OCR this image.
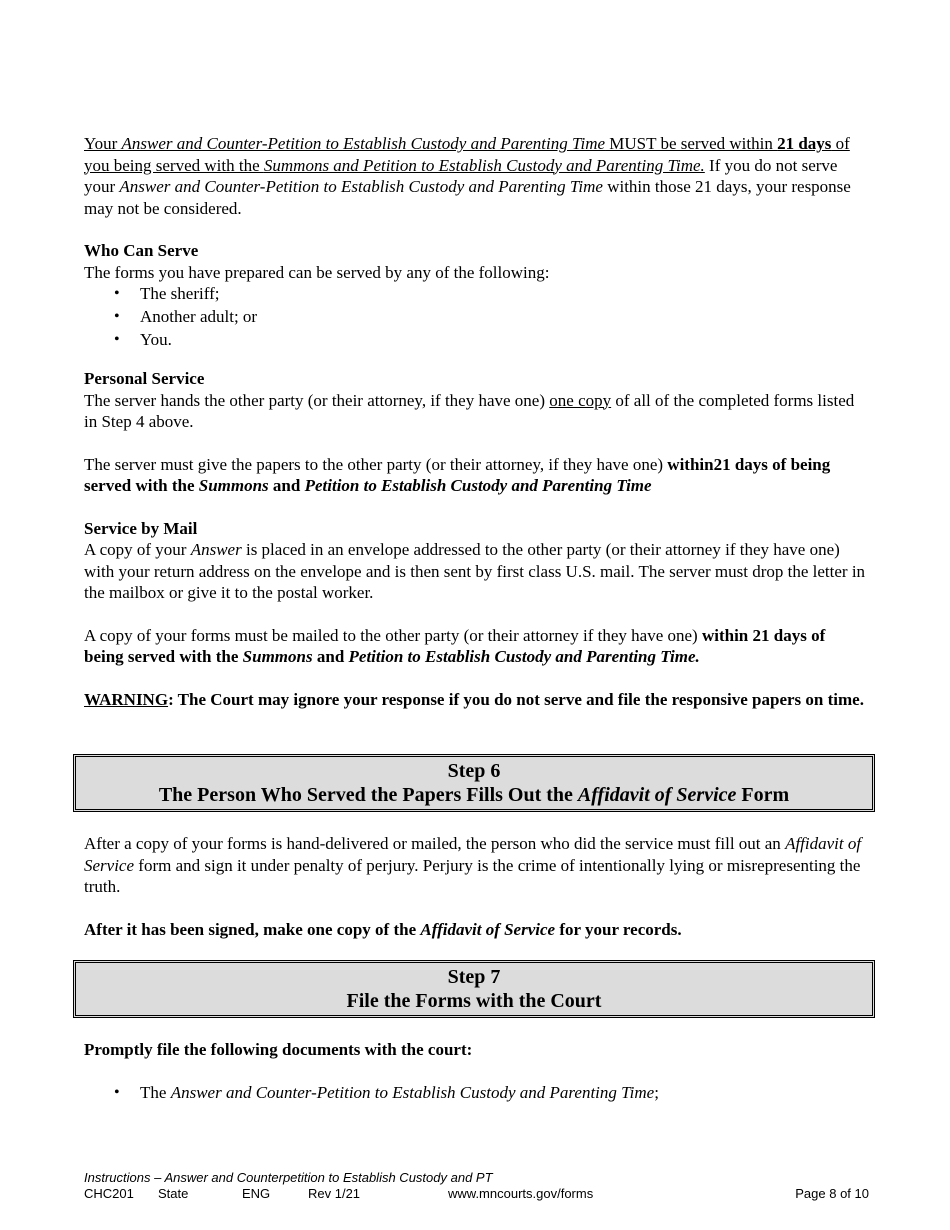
Your Answer and Counter-Petition to Establish Custody and Parenting Time MUST be served within 21 days of you being served with the Summons and Petition to Establish Custody and Parenting Time. If you do not serve your Answer and Counter-Petition to Establish Custody and Parenting Time within those 21 days, your response may not be considered.

Who Can Serve

The forms you have prepared can be served by any of the following:

• The sheriff;
• Another adult; or
• You.

Personal Service

The server hands the other party (or their attorney, if they have one) one copy of all of the completed forms listed in Step 4 above.

The server must give the papers to the other party (or their attorney, if they have one) within21 days of being served with the Summons and Petition to Establish Custody and Parenting Time

Service by Mail

A copy of your Answer is placed in an envelope addressed to the other party (or their attorney if they have one) with your return address on the envelope and is then sent by first class U.S. mail. The server must drop the letter in the mailbox or give it to the postal worker.

A copy of your forms must be mailed to the other party (or their attorney if they have one) within 21 days of being served with the Summons and Petition to Establish Custody and Parenting Time.

WARNING: The Court may ignore your response if you do not serve and file the responsive papers on time.

Step 6
The Person Who Served the Papers Fills Out the Affidavit of Service Form

After a copy of your forms is hand-delivered or mailed, the person who did the service must fill out an Affidavit of Service form and sign it under penalty of perjury. Perjury is the crime of intentionally lying or misrepresenting the truth.

After it has been signed, make one copy of the Affidavit of Service for your records.

Step 7
File the Forms with the Court

Promptly file the following documents with the court:

• The Answer and Counter-Petition to Establish Custody and Parenting Time;
Instructions – Answer and Counterpetition to Establish Custody and PT
CHC201 State	ENG	Rev 1/21	www.mncourts.gov/forms	Page 8 of 10
